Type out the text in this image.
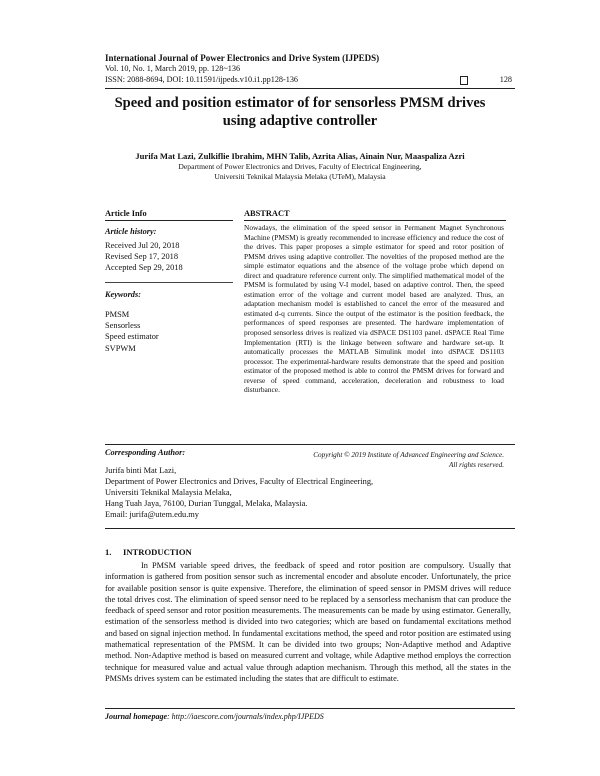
International Journal of Power Electronics and Drive System (IJPEDS)
Vol. 10, No. 1, March 2019, pp. 128~136
ISSN: 2088-8694, DOI: 10.11591/ijpeds.v10.i1.pp128-136	128
Speed and position estimator of for sensorless PMSM drives
using adaptive controller
Jurifa Mat Lazi, Zulkiflie Ibrahim, MHN Talib, Azrita Alias, Ainain Nur, Maaspaliza Azri
Department of Power Electronics and Drives, Faculty of Electrical Engineering,
Universiti Teknikal Malaysia Melaka (UTeM), Malaysia
Article Info
Article history:
Received Jul 20, 2018
Revised Sep 17, 2018
Accepted Sep 29, 2018
Keywords:
PMSM
Sensorless
Speed estimator
SVPWM
ABSTRACT
Nowadays, the elimination of the speed sensor in Permanent Magnet Synchronous Machine (PMSM) is greatly recommended to increase efficiency and reduce the cost of the drives. This paper proposes a simple estimator for speed and rotor position of PMSM drives using adaptive controller. The novelties of the proposed method are the simple estimator equations and the absence of the voltage probe which depend on direct and quadrature reference current only. The simplified mathematical model of the PMSM is formulated by using V-I model, based on adaptive control. Then, the speed estimation error of the voltage and current model based are analyzed. Thus, an adaptation mechanism model is established to cancel the error of the measured and estimated d-q currents. Since the output of the estimator is the position feedback, the performances of speed responses are presented. The hardware implementation of proposed sensorless drives is realized via dSPACE DS1103 panel. dSPACE Real Time Implementation (RTI) is the linkage between software and hardware set-up. It automatically processes the MATLAB Simulink model into dSPACE DS1103 processor. The experimental-hardware results demonstrate that the speed and position estimator of the proposed method is able to control the PMSM drives for forward and reverse of speed command, acceleration, deceleration and robustness to load disturbance.
Copyright © 2019 Institute of Advanced Engineering and Science.
All rights reserved.
Corresponding Author:
Jurifa binti Mat Lazi,
Department of Power Electronics and Drives, Faculty of Electrical Engineering,
Universiti Teknikal Malaysia Melaka,
Hang Tuah Jaya, 76100, Durian Tunggal, Melaka, Malaysia.
Email: jurifa@utem.edu.my
1. INTRODUCTION
In PMSM variable speed drives, the feedback of speed and rotor position are compulsory. Usually that information is gathered from position sensor such as incremental encoder and absolute encoder. Unfortunately, the price for available position sensor is quite expensive. Therefore, the elimination of speed sensor in PMSM drives will reduce the total drives cost. The elimination of speed sensor need to be replaced by a sensorless mechanism that can produce the feedback of speed sensor and rotor position measurements. The measurements can be made by using estimator. Generally, estimation of the sensorless method is divided into two categories; which are based on fundamental excitations method and based on signal injection method. In fundamental excitations method, the speed and rotor position are estimated using mathematical representation of the PMSM. It can be divided into two groups; Non-Adaptive method and Adaptive method. Non-Adaptive method is based on measured current and voltage, while Adaptive method employs the correction technique for measured value and actual value through adaption mechanism. Through this method, all the states in the PMSMs drives system can be estimated including the states that are difficult to estimate.
Journal homepage: http://iaescore.com/journals/index.php/IJPEDS
